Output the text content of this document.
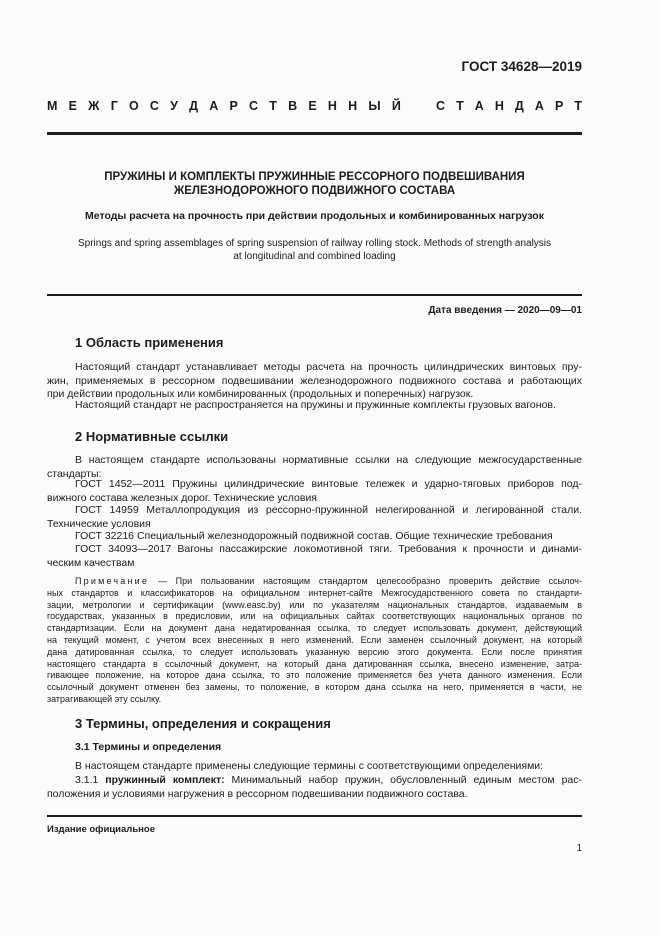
ГОСТ 34628—2019
М Е Ж Г О С У Д А Р С Т В Е Н Н Ы Й	С Т А Н Д А Р Т
ПРУЖИНЫ И КОМПЛЕКТЫ ПРУЖИННЫЕ РЕССОРНОГО ПОДВЕШИВАНИЯ
ЖЕЛЕЗНОДОРОЖНОГО ПОДВИЖНОГО СОСТАВА
Методы расчета на прочность при действии продольных и комбинированных нагрузок
Springs and spring assemblages of spring suspension of railway rolling stock. Methods of strength analysis
at longitudinal and combined loading
Дата введения — 2020—09—01
1 Область применения
Настоящий стандарт устанавливает методы расчета на прочность цилиндрических винтовых пру-
жин, применяемых в рессорном подвешивании железнодорожного подвижного состава и работающих
при действии продольных или комбинированных (продольных и поперечных) нагрузок.
Настоящий стандарт не распространяется на пружины и пружинные комплекты грузовых вагонов.
2 Нормативные ссылки
В настоящем стандарте использованы нормативные ссылки на следующие межгосударственные
стандарты:
ГОСТ 1452—2011 Пружины цилиндрические винтовые тележек и ударно-тяговых приборов под-
вижного состава железных дорог. Технические условия
ГОСТ 14959 Металлопродукция из рессорно-пружинной нелегированной и легированной стали.
Технические условия
ГОСТ 32216 Специальный железнодорожный подвижной состав. Общие технические требования
ГОСТ 34093—2017 Вагоны пассажирские локомотивной тяги. Требования к прочности и динами-
ческим качествам
Примечание — При пользовании настоящим стандартом целесообразно проверить действие ссылоч-
ных стандартов и классификаторов на официальном интернет-сайте Межгосударственного совета по стандарти-
зации, метрологии и сертификации (www.easc.by) или по указателям национальных стандартов, издаваемым в
государствах, указанных в предисловии, или на официальных сайтах соответствующих национальных органов по
стандартизации. Если на документ дана недатированная ссылка, то следует использовать документ, действующий
на текущий момент, с учетом всех внесенных в него изменений. Если заменен ссылочный документ, на который
дана датированная ссылка, то следует использовать указанную версию этого документа. Если после принятия
настоящего стандарта в ссылочный документ, на который дана датированная ссылка, внесено изменение, затра-
гивающее положение, на которое дана ссылка, то это положение применяется без учета данного изменения. Если
ссылочный документ отменен без замены, то положение, в котором дана ссылка на него, применяется в части, не
затрагивающей эту ссылку.
3 Термины, определения и сокращения
3.1 Термины и определения
В настоящем стандарте применены следующие термины с соответствующими определениями:
3.1.1 пружинный комплект: Минимальный набор пружин, обусловленный единым местом рас-
положения и условиями нагружения в рессорном подвешивании подвижного состава.
Издание официальное
1
